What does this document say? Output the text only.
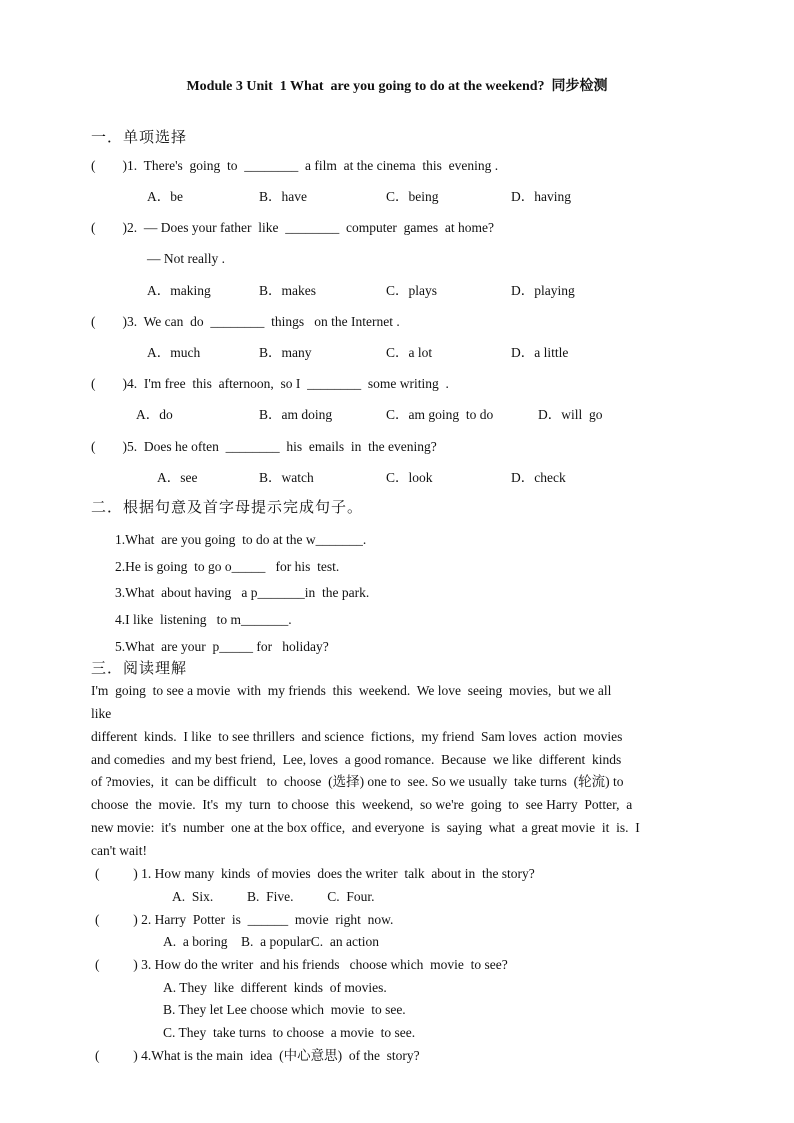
Module 3 Unit  1 What  are you going to do at the weekend?  同步检测
一．单项选择
(        )1.  There's  going  to  ________  a film  at the cinema  this  evening .
A．be	B．have	C．being	D．having
(        )2.  — Does your father  like  ________  computer  games  at home?
— Not really .
A．making	B．makes	C．plays	D．playing
(        )3.  We can  do  ________  things   on the Internet .
A．much	B．many	C．a lot	D．a little
(        )4.  I'm free  this  afternoon,  so I  ________  some writing  .
A．do	B．am doing	C．am going  to do	D．will  go
(        )5.  Does he often  ________  his  emails  in  the evening?
A．see	B．watch	C．look	D．check
二．根据句意及首字母提示完成句子。
1.What  are you going  to do at the w_______.
2.He is going  to go o_____   for his  test.
3.What  about having   a p_______in  the park.
4.I like  listening   to m_______.
5.What  are your  p_____ for   holiday?
三．阅读理解
I'm  going  to see a movie  with  my friends  this  weekend.  We love  seeing  movies,  but we all
like
different  kinds.  I like  to see thrillers  and science  fictions,  my friend  Sam loves  action  movies
and comedies  and my best friend,  Lee, loves  a good romance.  Because  we like  different  kinds
of ?movies,  it  can be difficult   to  choose  (选择) one to  see. So we usually  take turns  (轮流) to
choose  the  movie.  It's  my  turn  to choose  this  weekend,  so we're  going  to  see Harry  Potter,  a
new movie:  it's  number  one at the box office,  and everyone  is  saying  what  a great movie  it  is.  I
can't wait!
(          ) 1. How many  kinds  of movies  does the writer  talk  about in  the story?
A.  Six.          B.  Five.          C.  Four.
(          ) 2. Harry  Potter  is  ______  movie  right  now.
A.  a boring    B.  a popularC.  an action
(          ) 3. How do the writer  and his friends   choose which  movie  to see?
A. They  like  different  kinds  of movies.
B. They let Lee choose which  movie  to see.
C. They  take turns  to choose  a movie  to see.
(          ) 4.What is the main  idea  (中心意思)  of the  story?
